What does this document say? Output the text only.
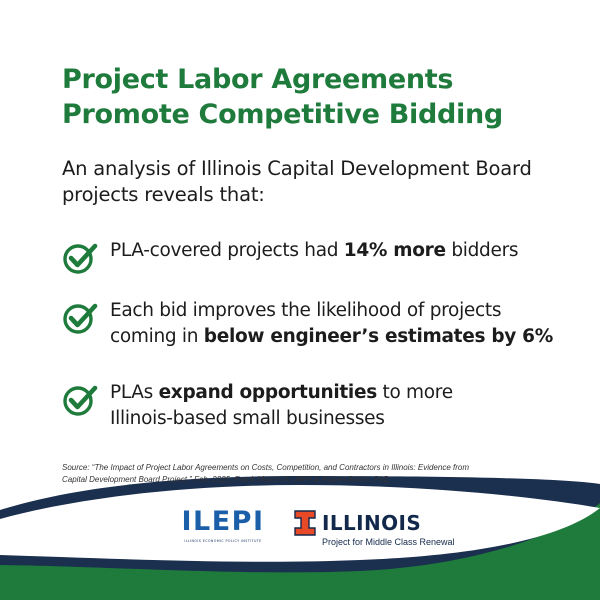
Project Labor Agreements
Promote Competitive Bidding

An analysis of Illinois Capital Development Board
projects reveals that:

PLA-covered projects had 14% more bidders
Each bid improves the likelihood of projects
coming in below engineer’s estimates by 6%
PLAs expand opportunities to more
Illinois-based small businesses

Source: “The Impact of Project Labor Agreements on Costs, Competition, and Contractors in Illinois: Evidence from
Capital Development Board Project.” Feb. 2025, Frank Manzo IV, MPP & Robert Bruno, PhD.

ILEPI
ILLINOIS ECONOMIC POLICY INSTITUTE
ILLINOIS
Project for Middle Class Renewal
